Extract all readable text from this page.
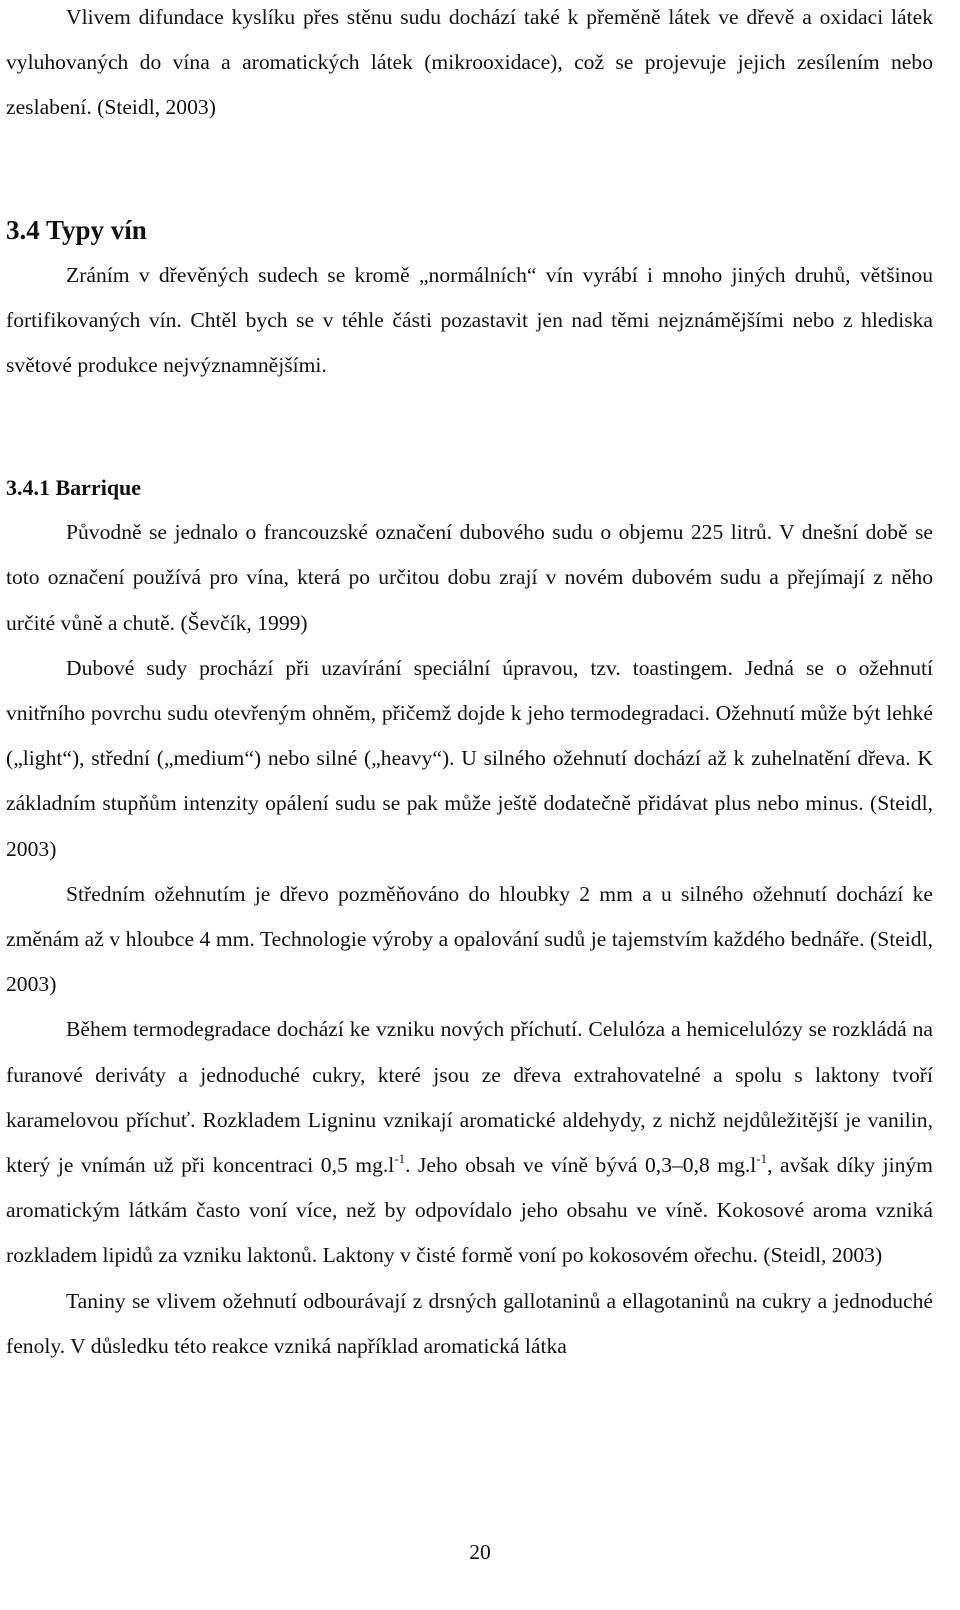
Vlivem difundace kyslíku přes stěnu sudu dochází také k přeměně látek ve dřevě a oxidaci látek vyluhovaných do vína a aromatických látek (mikrooxidace), což se projevuje jejich zesílením nebo zeslabení. (Steidl, 2003)

3.4 Typy vín

Zráním v dřevěných sudech se kromě „normálních“ vín vyrábí i mnoho jiných druhů, většinou fortifikovaných vín. Chtěl bych se v téhle části pozastavit jen nad těmi nejznámějšími nebo z hlediska světové produkce nejvýznamnějšími.

3.4.1 Barrique

Původně se jednalo o francouzské označení dubového sudu o objemu 225 litrů. V dnešní době se toto označení používá pro vína, která po určitou dobu zrají v novém dubovém sudu a přejímají z něho určité vůně a chutě. (Ševčík, 1999)

Dubové sudy prochází při uzavírání speciální úpravou, tzv. toastingem. Jedná se o ožehnutí vnitřního povrchu sudu otevřeným ohněm, přičemž dojde k jeho termodegradaci. Ožehnutí může být lehké („light“), střední („medium“) nebo silné („heavy“). U silného ožehnutí dochází až k zuhelnatění dřeva. K základním stupňům intenzity opálení sudu se pak může ještě dodatečně přidávat plus nebo minus. (Steidl, 2003)

Středním ožehnutím je dřevo pozměňováno do hloubky 2 mm a u silného ožehnutí dochází ke změnám až v hloubce 4 mm. Technologie výroby a opalování sudů je tajemstvím každého bednáře. (Steidl, 2003)

Během termodegradace dochází ke vzniku nových příchutí. Celulóza a hemicelulózy se rozkládá na furanové deriváty a jednoduché cukry, které jsou ze dřeva extrahovatelné a spolu s laktony tvoří karamelovou příchuť. Rozkladem Ligninu vznikají aromatické aldehydy, z nichž nejdůležitější je vanilin, který je vnímán už při koncentraci 0,5 $mg.l^{-1}$. Jeho obsah ve víně bývá 0,3–0,8 $mg.l^{-1}$, avšak díky jiným aromatickým látkám často voní více, než by odpovídalo jeho obsahu ve víně. Kokosové aroma vzniká rozkladem lipidů za vzniku laktonů. Laktony v čisté formě voní po kokosovém ořechu. (Steidl, 2003)

Taniny se vlivem ožehnutí odbourávají z drsných gallotaninů a ellagotaninů na cukry a jednoduché fenoly. V důsledku této reakce vzniká například aromatická látka

20
